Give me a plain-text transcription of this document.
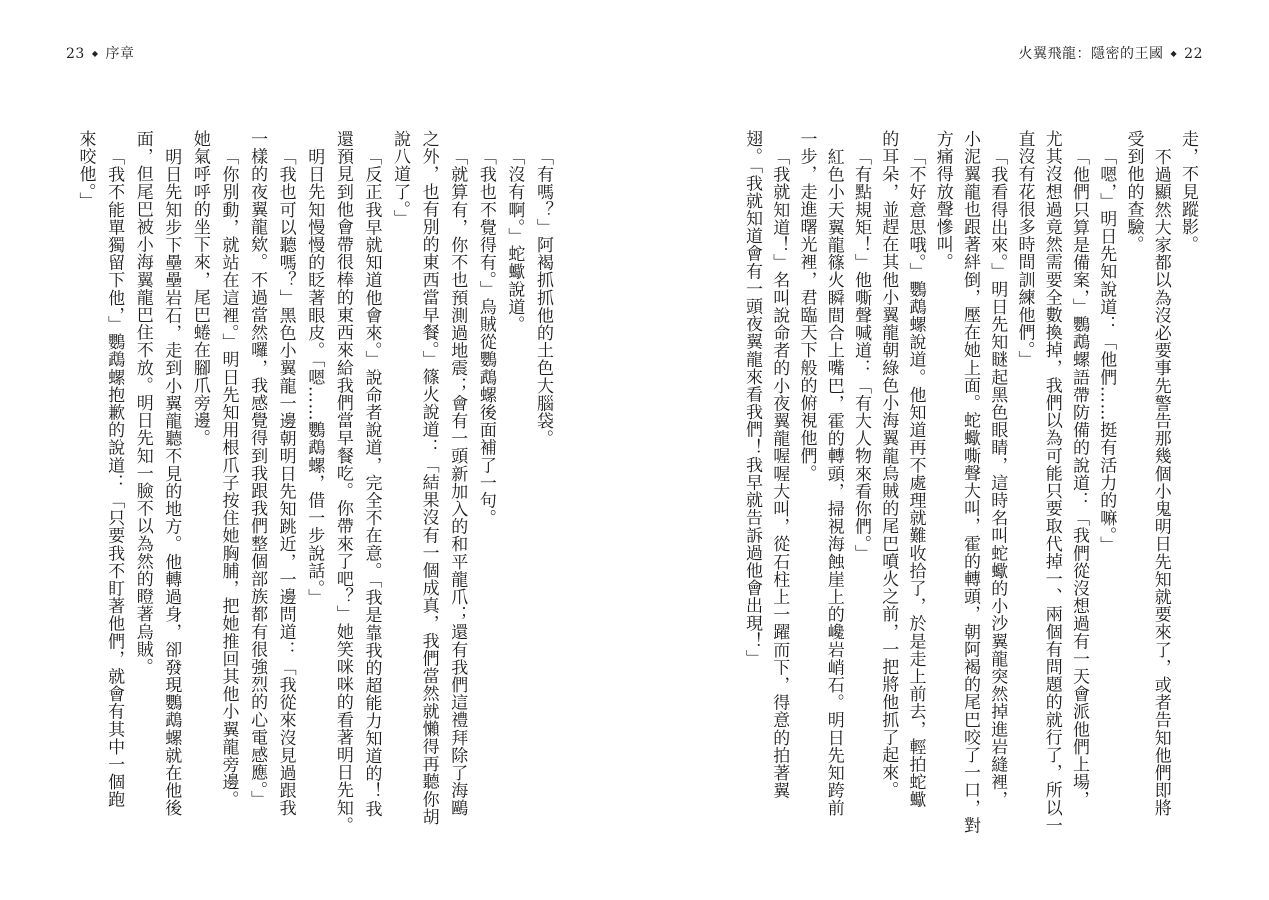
23 ◆ 序章
「有嗎？」阿褐抓抓他的土色大腦袋。
「沒有啊。」蛇蠍說道。
「我也不覺得有。」烏賊從鸚鵡螺後面補了一句。
「就算有，你不也預測過地震；會有一頭新加入的和平龍爪；還有我們這禮拜除了海鷗
之外，也有別的東西當早餐。」篠火說道：「結果沒有一個成真，我們當然就懶得再聽你胡
說八道了。」
「反正我早就知道他會來。」說命者說道，完全不在意。「我是靠我的超能力知道的！我
還預見到他會帶很棒的東西來給我們當早餐吃。你帶來了吧？」她笑咪咪的看著明日先知。
明日先知慢慢的眨著眼皮。「嗯……鸚鵡螺，借一步說話。」
「我也可以聽嗎？」黑色小翼龍一邊朝明日先知跳近，一邊問道：「我從來沒見過跟我
一樣的夜翼龍欸。不過當然囉，我感覺得到我跟我們整個部族都有很強烈的心電感應。」
「你別動，就站在這裡。」明日先知用根爪子按住她胸脯，把她推回其他小翼龍旁邊。
她氣呼呼的坐下來，尾巴蜷在腳爪旁邊。
明日先知步下壘壘岩石，走到小翼龍聽不見的地方。他轉過身，卻發現鸚鵡螺就在他後
面，但尾巴被小海翼龍巴住不放。明日先知一臉不以為然的瞪著烏賊。
「我不能單獨留下他，」鸚鵡螺抱歉的說道：「只要我不盯著他們，就會有其中一個跑
來咬他。」
火翼飛龍：隱密的王國 ◆ 22
走，不見蹤影。
不過顯然大家都以為沒必要事先警告那幾個小鬼明日先知就要來了，或者告知他們即將
受到他的查驗。
「嗯，」明日先知說道：「他們……挺有活力的嘛。」
「他們只算是備案，」鸚鵡螺語帶防備的說道：「我們從沒想過有一天會派他們上場，
尤其沒想過竟然需要全數換掉，我們以為可能只要取代掉一、兩個有問題的就行了，所以一
直沒有花很多時間訓練他們。」
「我看得出來。」明日先知瞇起黑色眼睛，這時名叫蛇蠍的小沙翼龍突然掉進岩縫裡，
小泥翼龍也跟著絆倒，壓在她上面。蛇蠍嘶聲大叫，霍的轉頭，朝阿褐的尾巴咬了一口，對
方痛得放聲慘叫。
「不好意思哦。」鸚鵡螺說道。他知道再不處理就難收拾了，於是走上前去，輕拍蛇蠍
的耳朵，並趕在其他小翼龍朝綠色小海翼龍烏賊的尾巴噴火之前，一把將他抓了起來。
「有點規矩！」他嘶聲喊道：「有大人物來看你們。」
紅色小天翼龍篠火瞬間合上嘴巴，霍的轉頭，掃視海蝕崖上的巉岩峭石。明日先知跨前
一步，走進曙光裡，君臨天下般的俯視他們。
「我就知道！」名叫說命者的小夜翼龍喔喔大叫，從石柱上一躍而下，得意的拍著翼
翅。「我就知道會有一頭夜翼龍來看我們！我早就告訴過他會出現！」
